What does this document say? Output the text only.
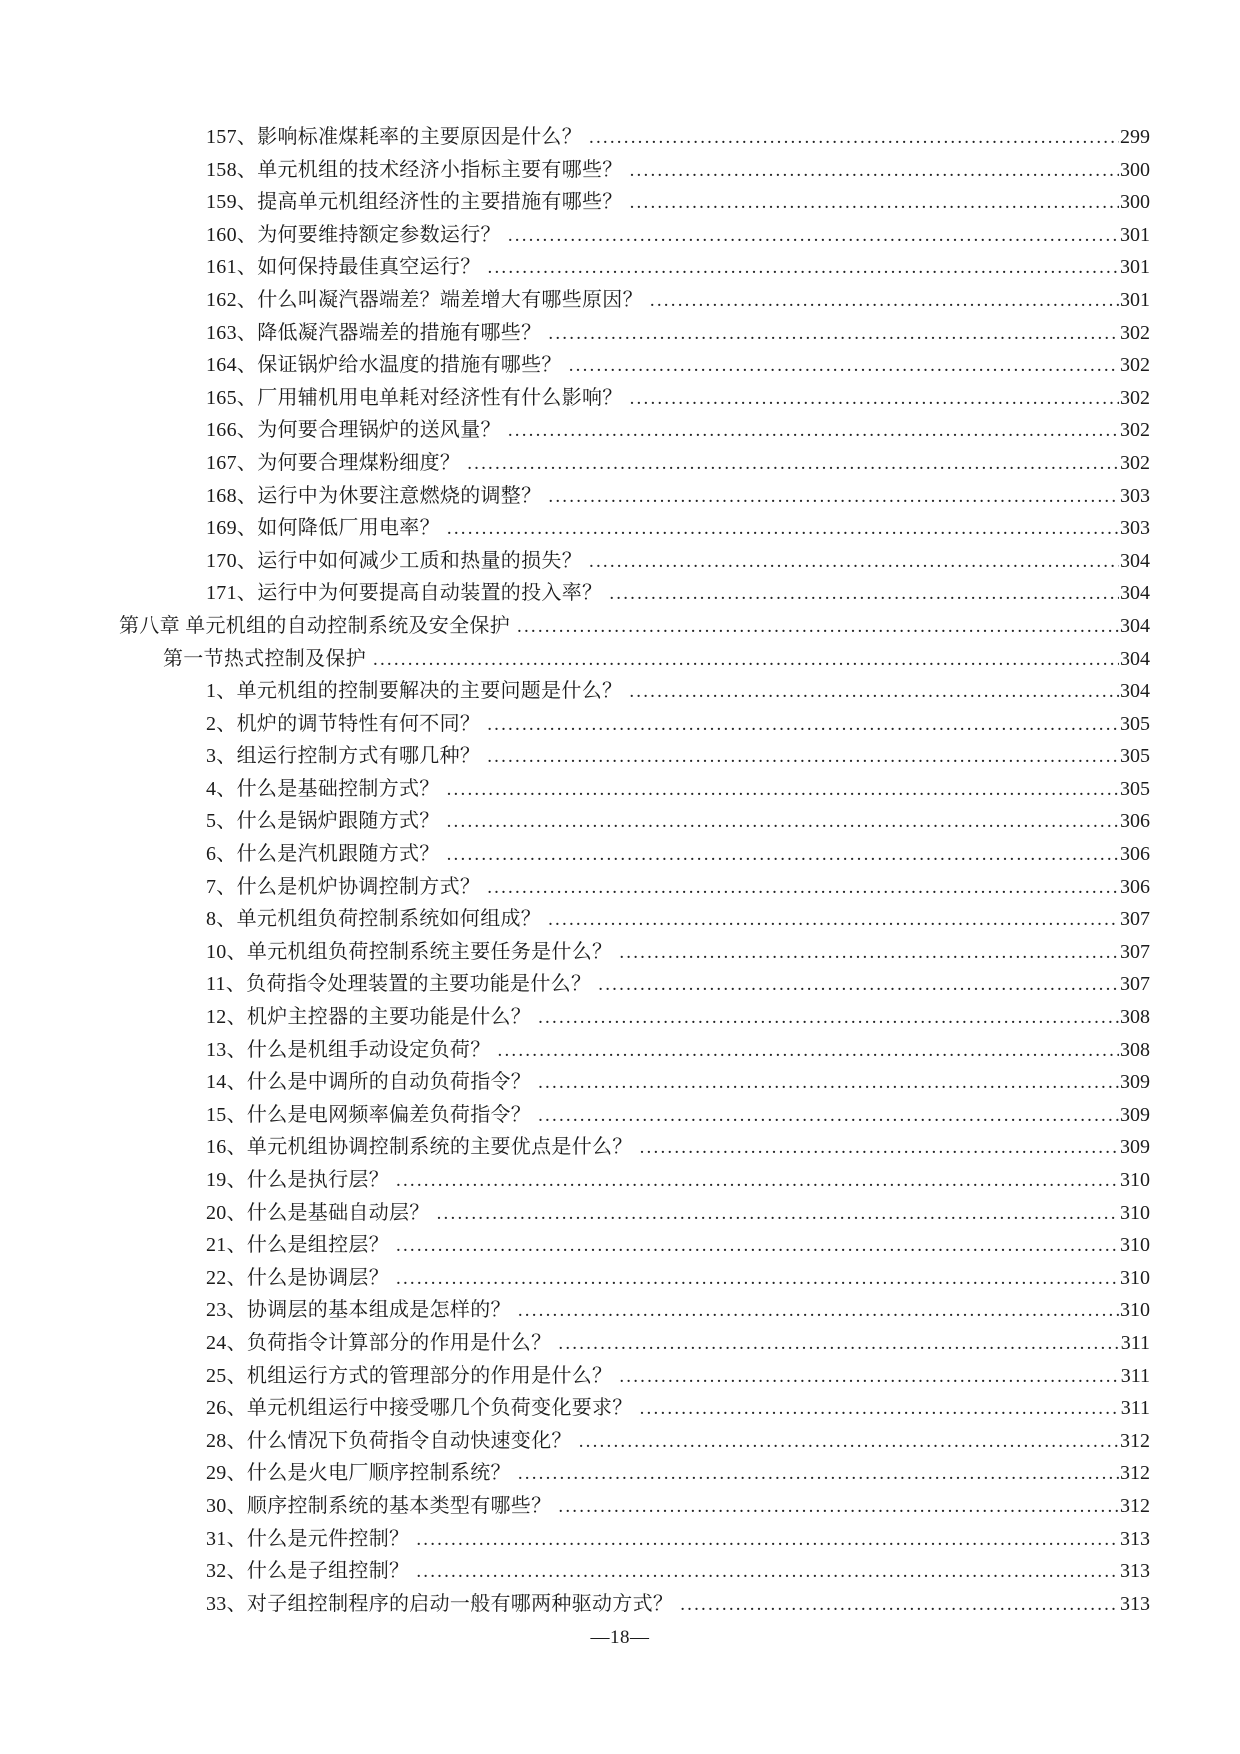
157、影响标准煤耗率的主要原因是什么？ .....	299
158、单元机组的技术经济小指标主要有哪些？ .....	300
159、提高单元机组经济性的主要措施有哪些？ .....	300
160、为何要维持额定参数运行？ .....	301
161、如何保持最佳真空运行？ .....	301
162、什么叫凝汽器端差？端差增大有哪些原因？ .....	301
163、降低凝汽器端差的措施有哪些？ .....	302
164、保证锅炉给水温度的措施有哪些？ .....	302
165、厂用辅机用电单耗对经济性有什么影响？ .....	302
166、为何要合理锅炉的送风量？ .....	302
167、为何要合理煤粉细度？ .....	302
168、运行中为休要注意燃烧的调整？ .....	303
169、如何降低厂用电率？ .....	303
170、运行中如何减少工质和热量的损失？ .....	304
171、运行中为何要提高自动装置的投入率？ .....	304
第八章 单元机组的自动控制系统及安全保护 .....	304
第一节热式控制及保护 .....	304
1、单元机组的控制要解决的主要问题是什么？ .....	304
2、机炉的调节特性有何不同？ .....	305
3、组运行控制方式有哪几种？ .....	305
4、什么是基础控制方式？ .....	305
5、什么是锅炉跟随方式？ .....	306
6、什么是汽机跟随方式？ .....	306
7、什么是机炉协调控制方式？ .....	306
8、单元机组负荷控制系统如何组成？ .....	307
10、单元机组负荷控制系统主要任务是什么？ .....	307
11、负荷指令处理装置的主要功能是什么？ .....	307
12、机炉主控器的主要功能是什么？ .....	308
13、什么是机组手动设定负荷？ .....	308
14、什么是中调所的自动负荷指令？ .....	309
15、什么是电网频率偏差负荷指令？ .....	309
16、单元机组协调控制系统的主要优点是什么？ .....	309
19、什么是执行层？ .....	310
20、什么是基础自动层？ .....	310
21、什么是组控层？ .....	310
22、什么是协调层？ .....	310
23、协调层的基本组成是怎样的？ .....	310
24、负荷指令计算部分的作用是什么？ .....	311
25、机组运行方式的管理部分的作用是什么？ .....	311
26、单元机组运行中接受哪几个负荷变化要求？ .....	311
28、什么情况下负荷指令自动快速变化？ .....	312
29、什么是火电厂顺序控制系统？ .....	312
30、顺序控制系统的基本类型有哪些？ .....	312
31、什么是元件控制？ .....	313
32、什么是子组控制？ .....	313
33、对子组控制程序的启动一般有哪两种驱动方式？ .....	313
—18—
